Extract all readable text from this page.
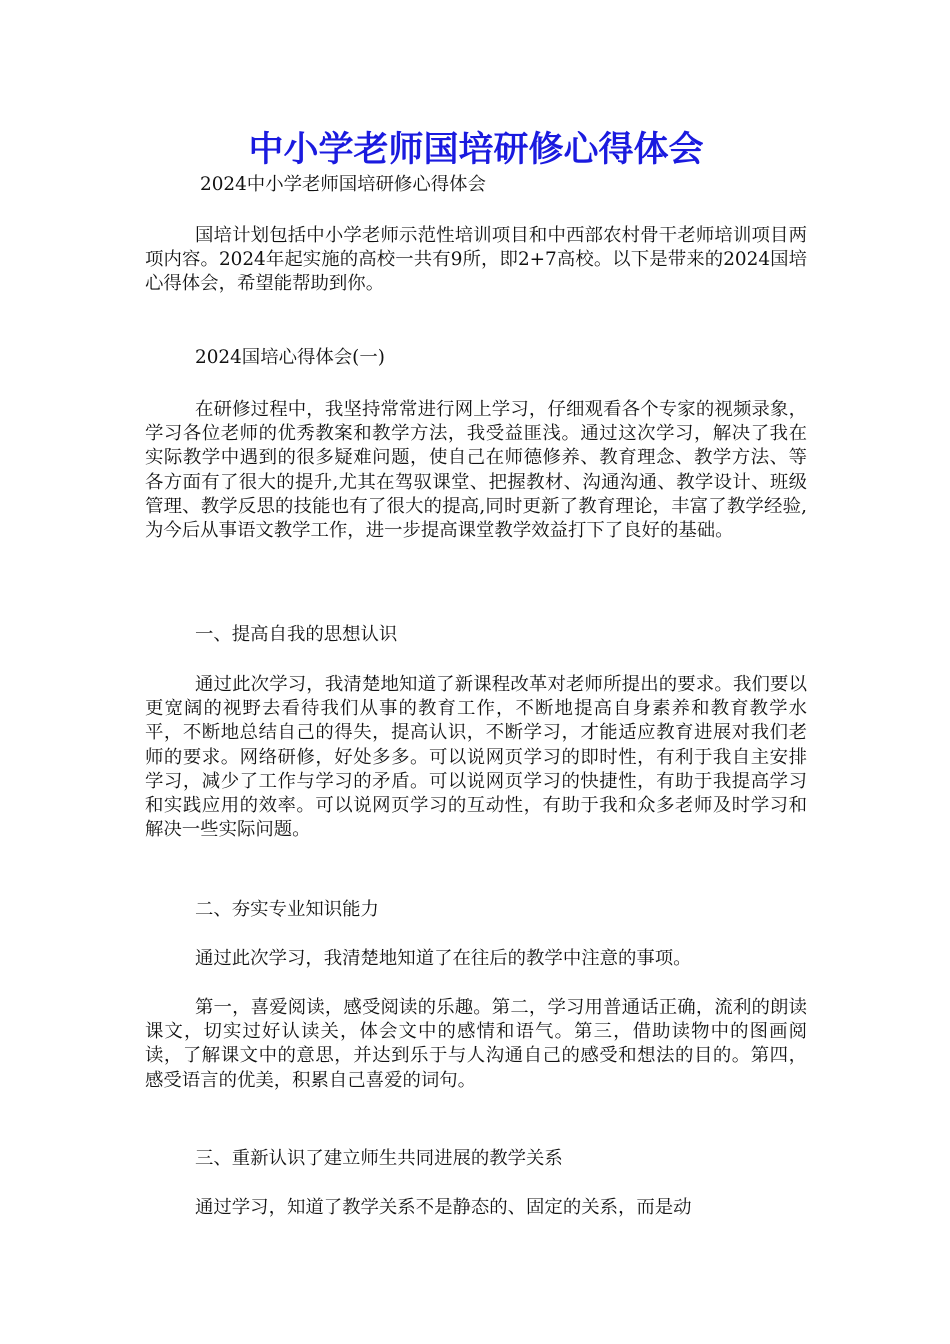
中小学老师国培研修心得体会

2024中小学老师国培研修心得体会

国培计划包括中小学老师示范性培训项目和中西部农村骨干老师培训项目两项内容。2024年起实施的高校一共有9所，即2+7高校。以下是带来的2024国培心得体会，希望能帮助到你。

2024国培心得体会(一)

在研修过程中，我坚持常常进行网上学习，仔细观看各个专家的视频录象，学习各位老师的优秀教案和教学方法，我受益匪浅。通过这次学习，解决了我在实际教学中遇到的很多疑难问题，使自己在师德修养、教育理念、教学方法、等各方面有了很大的提升,尤其在驾驭课堂、把握教材、沟通沟通、教学设计、班级管理、教学反思的技能也有了很大的提高,同时更新了教育理论，丰富了教学经验,为今后从事语文教学工作，进一步提高课堂教学效益打下了良好的基础。

一、提高自我的思想认识

通过此次学习，我清楚地知道了新课程改革对老师所提出的要求。我们要以更宽阔的视野去看待我们从事的教育工作，不断地提高自身素养和教育教学水平，不断地总结自己的得失，提高认识，不断学习，才能适应教育进展对我们老师的要求。网络研修，好处多多。可以说网页学习的即时性，有利于我自主安排学习，减少了工作与学习的矛盾。可以说网页学习的快捷性，有助于我提高学习和实践应用的效率。可以说网页学习的互动性，有助于我和众多老师及时学习和解决一些实际问题。

二、夯实专业知识能力

通过此次学习，我清楚地知道了在往后的教学中注意的事项。

第一，喜爱阅读，感受阅读的乐趣。第二，学习用普通话正确，流利的朗读课文，切实过好认读关，体会文中的感情和语气。第三，借助读物中的图画阅读，了解课文中的意思，并达到乐于与人沟通自己的感受和想法的目的。第四，感受语言的优美，积累自己喜爱的词句。

三、重新认识了建立师生共同进展的教学关系

通过学习，知道了教学关系不是静态的、固定的关系，而是动
